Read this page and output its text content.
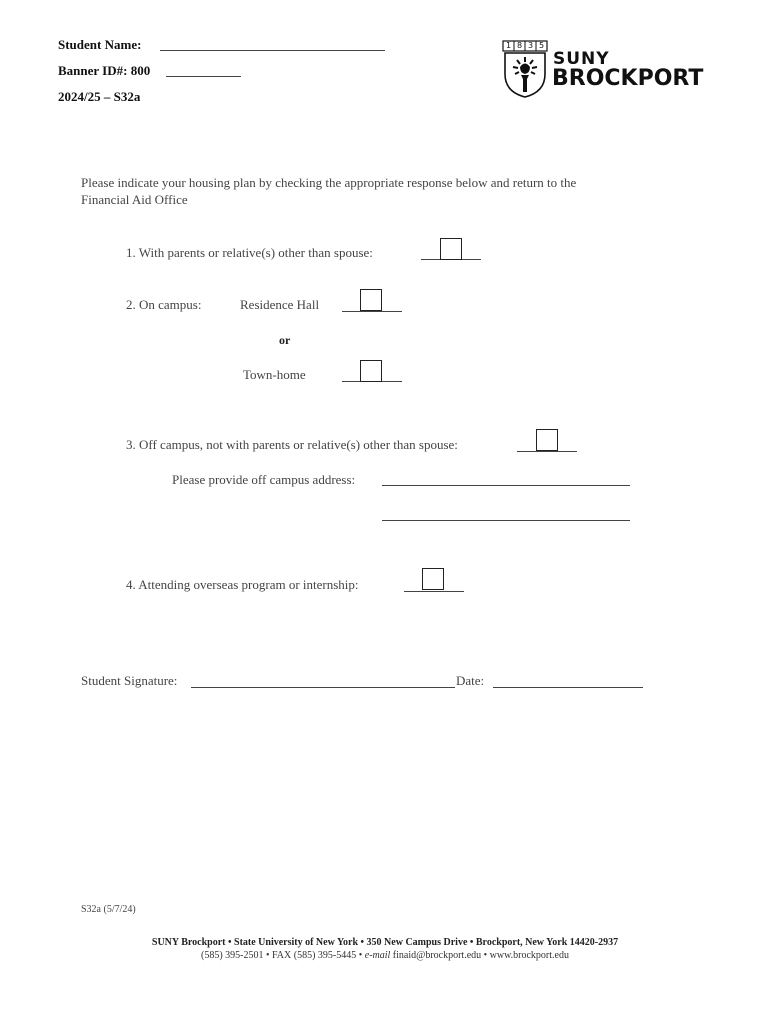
Student Name:
Banner ID#: 800
2024/25 – S32a
1 8 3 5
SUNY
BROCKPORT
Please indicate your housing plan by checking the appropriate response below and return to the
Financial Aid Office
1. With parents or relative(s) other than spouse:
2. On campus:	Residence Hall
or
Town-home
3. Off campus, not with parents or relative(s) other than spouse:
Please provide off campus address:
4. Attending overseas program or internship:
Student Signature:	Date:
S32a (5/7/24)
SUNY Brockport • State University of New York • 350 New Campus Drive • Brockport, New York 14420-2937
(585) 395-2501 • FAX (585) 395-5445 • e-mail finaid@brockport.edu • www.brockport.edu
